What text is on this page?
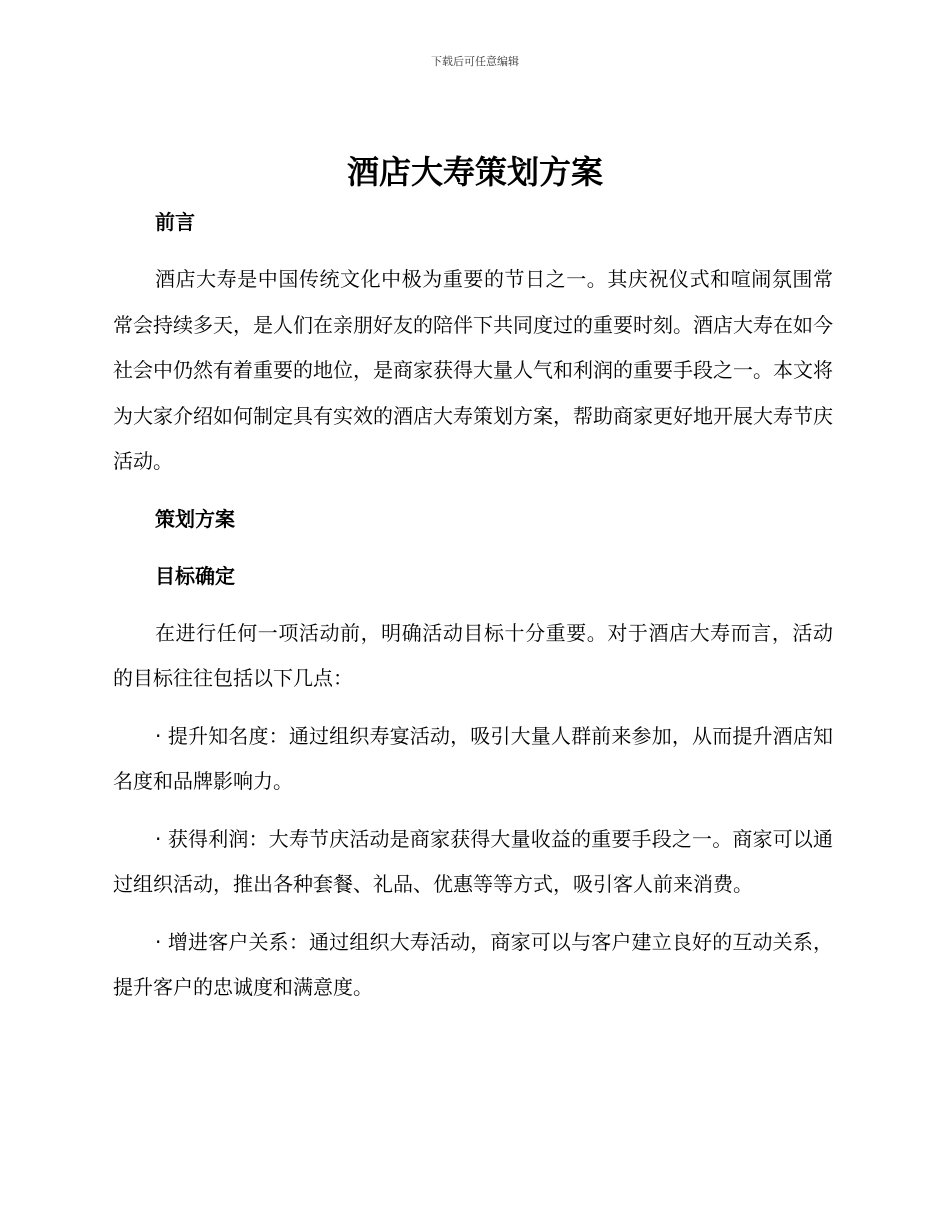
下载后可任意编辑
酒店大寿策划方案

前言

酒店大寿是中国传统文化中极为重要的节日之一。其庆祝仪式和喧闹氛围常常会持续多天，是人们在亲朋好友的陪伴下共同度过的重要时刻。酒店大寿在如今社会中仍然有着重要的地位，是商家获得大量人气和利润的重要手段之一。本文将为大家介绍如何制定具有实效的酒店大寿策划方案，帮助商家更好地开展大寿节庆活动。

策划方案

目标确定

在进行任何一项活动前，明确活动目标十分重要。对于酒店大寿而言，活动的目标往往包括以下几点：

· 提升知名度：通过组织寿宴活动，吸引大量人群前来参加，从而提升酒店知名度和品牌影响力。

· 获得利润：大寿节庆活动是商家获得大量收益的重要手段之一。商家可以通过组织活动，推出各种套餐、礼品、优惠等等方式，吸引客人前来消费。

· 增进客户关系：通过组织大寿活动，商家可以与客户建立良好的互动关系，提升客户的忠诚度和满意度。
